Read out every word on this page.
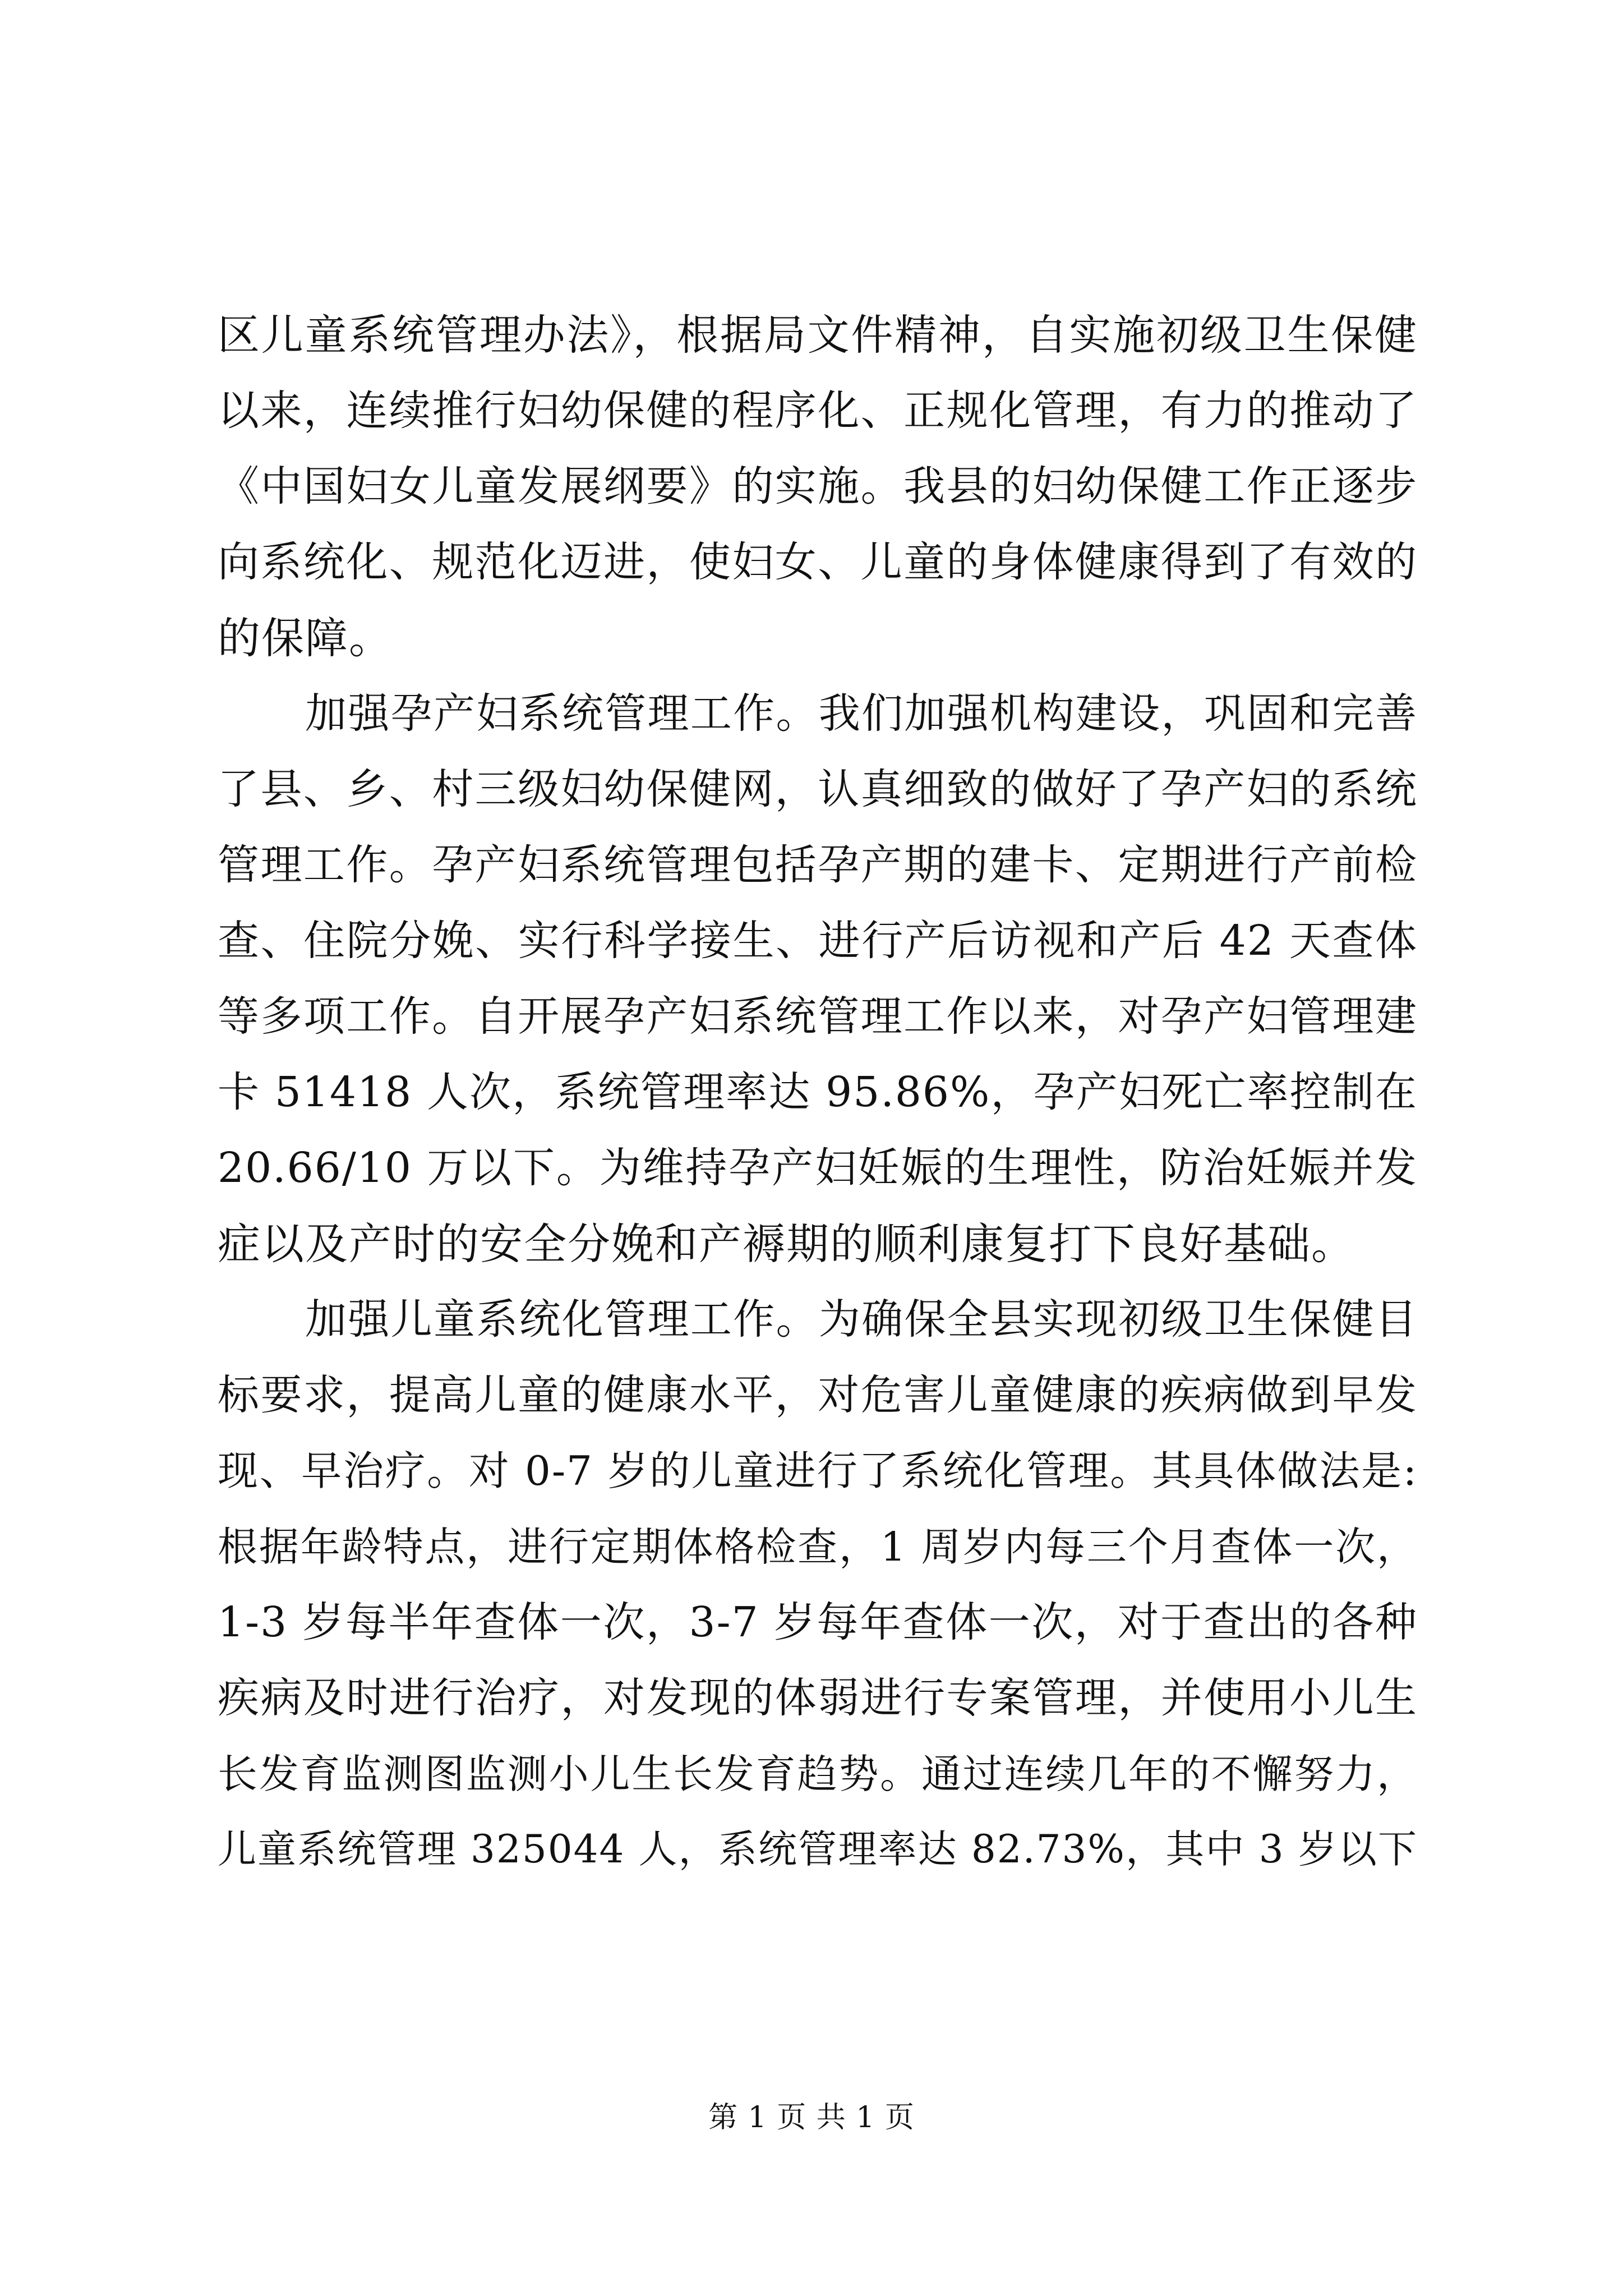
区儿童系统管理办法》，根据局文件精神，自实施初级卫生保健
以来，连续推行妇幼保健的程序化、正规化管理，有力的推动了
《中国妇女儿童发展纲要》的实施。我县的妇幼保健工作正逐步
向系统化、规范化迈进，使妇女、儿童的身体健康得到了有效的
的保障。
加强孕产妇系统管理工作。我们加强机构建设，巩固和完善
了县、乡、村三级妇幼保健网，认真细致的做好了孕产妇的系统
管理工作。孕产妇系统管理包括孕产期的建卡、定期进行产前检
查、住院分娩、实行科学接生、进行产后访视和产后 42 天查体
等多项工作。自开展孕产妇系统管理工作以来，对孕产妇管理建
卡 51418 人次，系统管理率达 95.86%，孕产妇死亡率控制在
20.66/10 万以下。为维持孕产妇妊娠的生理性，防治妊娠并发
症以及产时的安全分娩和产褥期的顺利康复打下良好基础。
加强儿童系统化管理工作。为确保全县实现初级卫生保健目
标要求，提高儿童的健康水平，对危害儿童健康的疾病做到早发
现、早治疗。对 0-7 岁的儿童进行了系统化管理。其具体做法是:
根据年龄特点，进行定期体格检查，1 周岁内每三个月查体一次，
1-3 岁每半年查体一次，3-7 岁每年查体一次，对于查出的各种
疾病及时进行治疗，对发现的体弱进行专案管理，并使用小儿生
长发育监测图监测小儿生长发育趋势。通过连续几年的不懈努力，
儿童系统管理 325044 人，系统管理率达 82.73%，其中 3 岁以下
第 1 页 共 1 页
